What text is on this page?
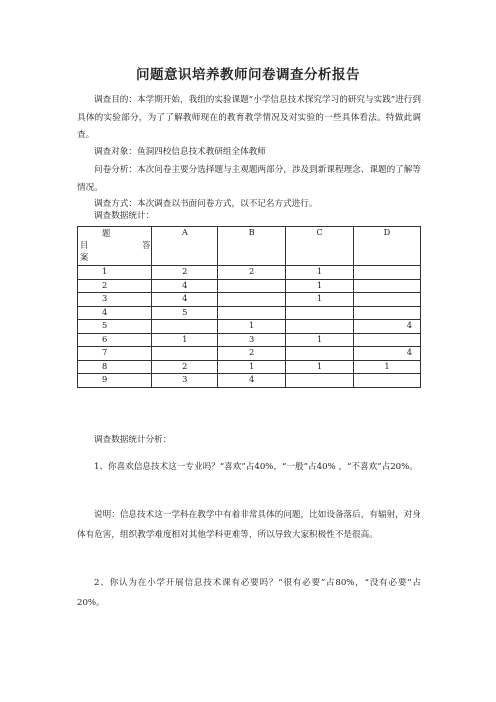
问题意识培养教师问卷调查分析报告
调查目的：本学期开始，我组的实验课题“小学信息技术探究学习的研究与实践”进行到具体的实验部分，为了了解教师现在的教育教学情况及对实验的一些具体看法。特做此调查。
调查对象：鱼洞四校信息技术教研组全体教师
问卷分析：本次问卷主要分选择题与主观题两部分，涉及到新课程理念、课题的了解等情况。
调查方式：本次调查以书面问卷方式，以不记名方式进行。
题
目 答
案	A	B	C	D
1	2	2	1	
2	4		1	
3	4		1	
4	5			
5		1		4
6	1	3	1	
7		2		4
8	2	1	1	1
9	3	4		
调查数据统计：
调查数据统计分析：
1、你喜欢信息技术这一专业吗？“喜欢”占40%，“一般”占40% ，“不喜欢”占20%。
说明：信息技术这一学科在教学中有着非常具体的问题，比如设备落后，有辐射，对身体有危害，组织教学难度相对其他学科更难等，所以导致大家积极性不是很高。
2、你认为在小学开展信息技术课有必要吗？“很有必要”占80%，“没有必要”占20%。
